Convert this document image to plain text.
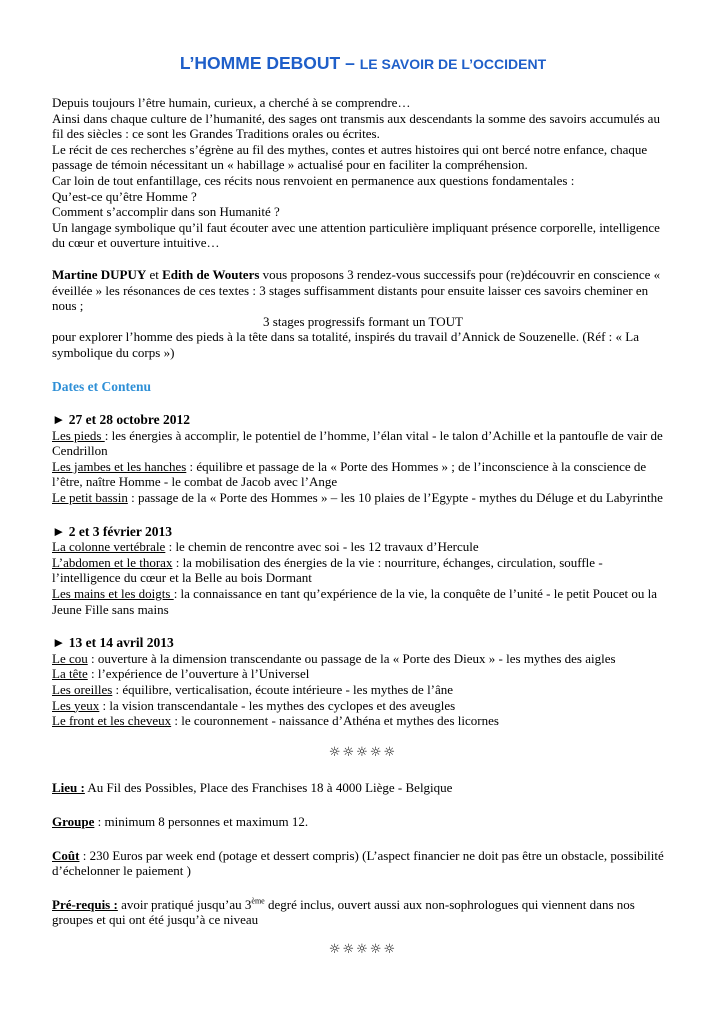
L’HOMME DEBOUT – LE SAVOIR DE L’OCCIDENT

Depuis toujours l’être humain, curieux, a cherché à se comprendre…

Ainsi dans chaque culture de l’humanité, des sages ont transmis aux descendants la somme des savoirs accumulés au fil des siècles : ce sont les Grandes Traditions orales ou écrites.

Le récit de ces recherches s’égrène au fil des mythes, contes et autres histoires qui ont bercé notre enfance, chaque passage de témoin nécessitant un « habillage » actualisé pour en faciliter la compréhension.

Car loin de tout enfantillage, ces récits nous renvoient en permanence aux questions fondamentales :

Qu’est-ce qu’être Homme ?

Comment s’accomplir dans son Humanité ?

Un langage symbolique qu’il faut écouter avec une attention particulière impliquant présence corporelle, intelligence du cœur et ouverture intuitive…

Martine DUPUY et Edith de Wouters vous proposons 3 rendez-vous successifs pour (re)découvrir en conscience « éveillée » les résonances de ces textes : 3 stages suffisamment distants pour ensuite laisser ces savoirs cheminer en nous ;

3 stages progressifs formant un TOUT

pour explorer l’homme des pieds à la tête dans sa totalité, inspirés du travail d’Annick de Souzenelle. (Réf : « La symbolique du corps »)

Dates et Contenu

► 27 et 28 octobre 2012

Les pieds : les énergies à accomplir, le potentiel de l’homme, l’élan vital - le talon d’Achille et la pantoufle de vair de Cendrillon

Les jambes et les hanches : équilibre et passage de la « Porte des Hommes » ; de l’inconscience à la conscience de l’être, naître Homme - le combat de Jacob avec l’Ange

Le petit bassin : passage de la « Porte des Hommes » – les 10 plaies de l’Egypte - mythes du Déluge et du Labyrinthe

► 2 et 3 février 2013

La colonne vertébrale : le chemin de rencontre avec soi - les 12 travaux d’Hercule

L’abdomen et le thorax : la mobilisation des énergies de la vie : nourriture, échanges, circulation, souffle - l’intelligence du cœur et la Belle au bois Dormant

Les mains et les doigts : la connaissance en tant qu’expérience de la vie, la conquête de l’unité - le petit Poucet ou la Jeune Fille sans mains

► 13 et 14 avril 2013

Le cou : ouverture à la dimension transcendante ou passage de la « Porte des Dieux » - les mythes des aigles

La tête : l’expérience de l’ouverture à l’Universel

Les oreilles : équilibre, verticalisation, écoute intérieure - les mythes de l’âne

Les yeux : la vision transcendantale - les mythes des cyclopes et des aveugles

Le front et les cheveux : le couronnement - naissance d’Athéna et mythes des licornes

☼☼☼☼☼

Lieu : Au Fil des Possibles, Place des Franchises 18 à 4000 Liège - Belgique

Groupe : minimum 8 personnes et maximum 12.

Coût : 230 Euros par week end (potage et dessert compris) (L’aspect financier ne doit pas être un obstacle, possibilité d’échelonner le paiement )

Pré-requis : avoir pratiqué jusqu’au 3ème degré inclus, ouvert aussi aux non-sophrologues qui viennent dans nos groupes et qui ont été jusqu’à ce niveau

☼☼☼☼☼
